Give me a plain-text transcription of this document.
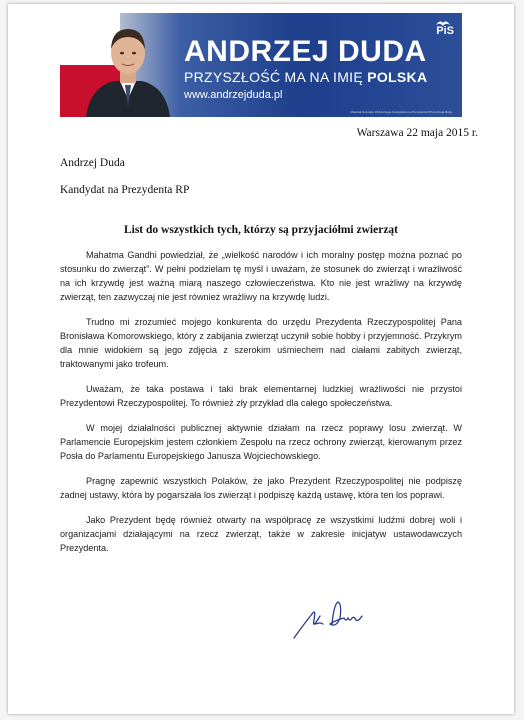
ANDRZEJ DUDA
PRZYSZŁOŚĆ MA NA IMIĘ POLSKA
www.andrzejduda.pl
PiS
Materiał Komitetu Wyborczego Kandydata na Prezydenta RP Andrzeja Dudy
Warszawa 22 maja 2015 r.
Andrzej Duda
Kandydat na Prezydenta RP
List do wszystkich tych, którzy są przyjaciółmi zwierząt

Mahatma Gandhi powiedział, że „wielkość narodów i ich moralny postęp można poznać po stosunku do zwierząt”. W pełni podzielam tę myśl i uważam, że stosunek do zwierząt i wrażliwość na ich krzywdę jest ważną miarą naszego człowieczeństwa. Kto nie jest wrażliwy na krzywdę zwierząt, ten zazwyczaj nie jest również wrażliwy na krzywdę ludzi.

Trudno mi zrozumieć mojego konkurenta do urzędu Prezydenta Rzeczypospolitej Pana Bronisława Komorowskiego, który z zabijania zwierząt uczynił sobie hobby i przyjemność. Przykrym dla mnie widokiem są jego zdjęcia z szerokim uśmiechem nad ciałami zabitych zwierząt, traktowanymi jako trofeum.

Uważam, że taka postawa i taki brak elementarnej ludzkiej wrażliwości nie przystoi Prezydentowi Rzeczypospolitej. To również zły przykład dla całego społeczeństwa.

W mojej działalności publicznej aktywnie działam na rzecz poprawy losu zwierząt. W Parlamencie Europejskim jestem członkiem Zespołu na rzecz ochrony zwierząt, kierowanym przez Posła do Parlamentu Europejskiego Janusza Wojciechowskiego.

Pragnę zapewnić wszystkich Polaków, że jako Prezydent Rzeczypospolitej nie podpiszę żadnej ustawy, która by pogarszała los zwierząt i podpiszę każdą ustawę, która ten los poprawi.

Jako Prezydent będę również otwarty na współpracę ze wszystkimi ludźmi dobrej woli i organizacjami działającymi na rzecz zwierząt, także w zakresie inicjatyw ustawodawczych Prezydenta.
